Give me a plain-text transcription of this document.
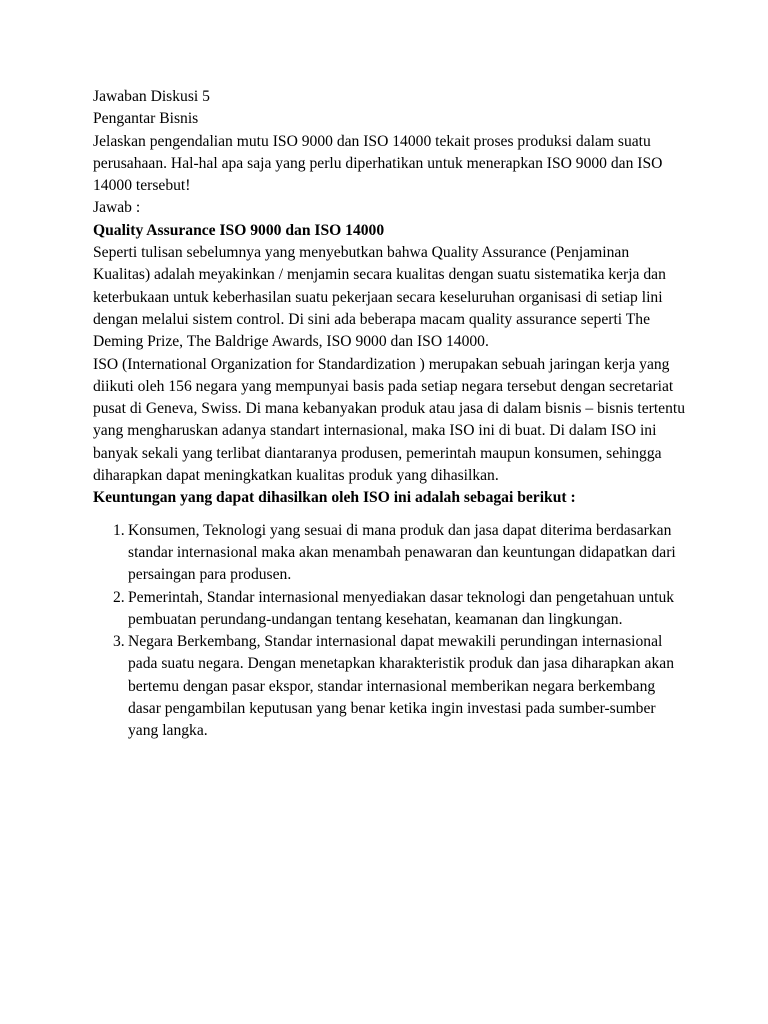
Jawaban Diskusi 5

Pengantar Bisnis

Jelaskan pengendalian mutu ISO 9000 dan ISO 14000 tekait proses produksi dalam suatu perusahaan. Hal-hal apa saja yang perlu diperhatikan untuk menerapkan ISO 9000 dan ISO 14000 tersebut!

Jawab :

Quality Assurance ISO 9000 dan ISO 14000

Seperti tulisan sebelumnya yang menyebutkan bahwa Quality Assurance (Penjaminan Kualitas) adalah meyakinkan / menjamin secara kualitas dengan suatu sistematika kerja dan keterbukaan untuk keberhasilan suatu pekerjaan secara keseluruhan organisasi di setiap lini dengan melalui sistem control. Di sini ada beberapa macam quality assurance seperti The Deming Prize, The Baldrige Awards, ISO 9000 dan ISO 14000.

ISO (International Organization for Standardization ) merupakan sebuah jaringan kerja yang diikuti oleh 156 negara yang mempunyai basis pada setiap negara tersebut dengan secretariat pusat di Geneva, Swiss. Di mana kebanyakan produk atau jasa di dalam bisnis – bisnis tertentu yang mengharuskan adanya standart internasional, maka ISO ini di buat. Di dalam ISO ini banyak sekali yang terlibat diantaranya produsen, pemerintah maupun konsumen, sehingga diharapkan dapat meningkatkan kualitas produk yang dihasilkan.

Keuntungan yang dapat dihasilkan oleh ISO ini adalah sebagai berikut :

1. Konsumen, Teknologi yang sesuai di mana produk dan jasa dapat diterima berdasarkan standar internasional maka akan menambah penawaran dan keuntungan didapatkan dari persaingan para produsen.
2. Pemerintah, Standar internasional menyediakan dasar teknologi dan pengetahuan untuk pembuatan perundang-undangan tentang kesehatan, keamanan dan lingkungan.
3. Negara Berkembang, Standar internasional dapat mewakili perundingan internasional pada suatu negara. Dengan menetapkan kharakteristik produk dan jasa diharapkan akan bertemu dengan pasar ekspor, standar internasional memberikan negara berkembang dasar pengambilan keputusan yang benar ketika ingin investasi pada sumber-sumber yang langka.
